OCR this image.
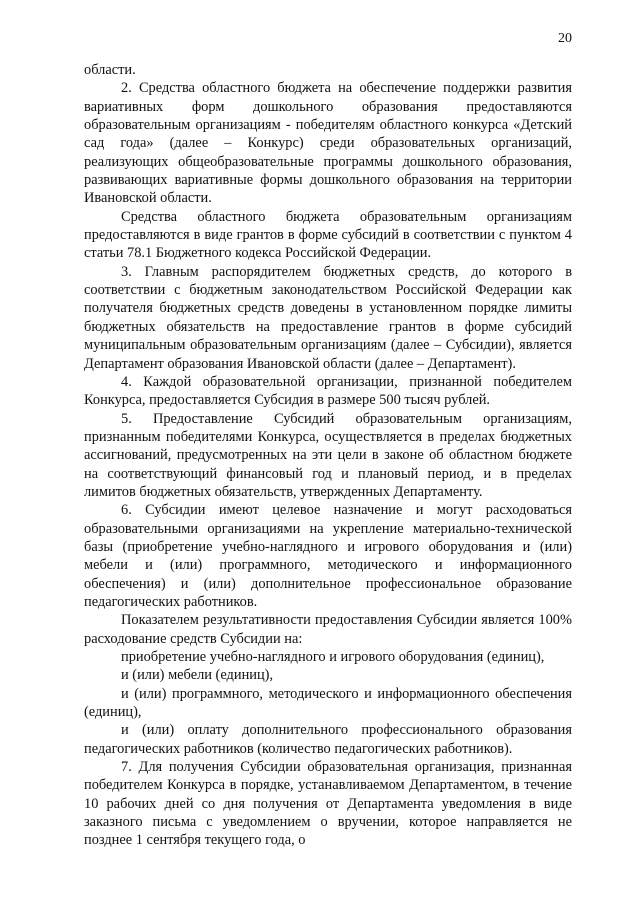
20

области.

2. Средства областного бюджета на обеспечение поддержки развития вариативных форм дошкольного образования предоставляются образовательным организациям - победителям областного конкурса «Детский сад года» (далее – Конкурс) среди образовательных организаций, реализующих общеобразовательные программы дошкольного образования, развивающих вариативные формы дошкольного образования на территории Ивановской области.

Средства областного бюджета образовательным организациям предоставляются в виде грантов в форме субсидий в соответствии с пунктом 4 статьи 78.1 Бюджетного кодекса Российской Федерации.

3. Главным распорядителем бюджетных средств, до которого в соответствии с бюджетным законодательством Российской Федерации как получателя бюджетных средств доведены в установленном порядке лимиты бюджетных обязательств на предоставление грантов в форме субсидий муниципальным образовательным организациям (далее – Субсидии), является Департамент образования Ивановской области (далее – Департамент).

4. Каждой образовательной организации, признанной победителем Конкурса, предоставляется Субсидия в размере 500 тысяч рублей.

5. Предоставление Субсидий образовательным организациям, признанным победителями Конкурса, осуществляется в пределах бюджетных ассигнований, предусмотренных на эти цели в законе об областном бюджете на соответствующий финансовый год и плановый период, и в пределах лимитов бюджетных обязательств, утвержденных Департаменту.

6. Субсидии имеют целевое назначение и могут расходоваться образовательными организациями на укрепление материально-технической базы (приобретение учебно-наглядного и игрового оборудования и (или) мебели и (или) программного, методического и информационного обеспечения) и (или) дополнительное профессиональное образование педагогических работников.

Показателем результативности предоставления Субсидии является 100% расходование средств Субсидии на:

приобретение учебно-наглядного и игрового оборудования (единиц),

и (или) мебели (единиц),

и (или) программного, методического и информационного обеспечения (единиц),

и (или) оплату дополнительного профессионального образования педагогических работников (количество педагогических работников).

7. Для получения Субсидии образовательная организация, признанная победителем Конкурса в порядке, устанавливаемом Департаментом, в течение 10 рабочих дней со дня получения от Департамента уведомления в виде заказного письма с уведомлением о вручении, которое направляется не позднее 1 сентября текущего года, о
